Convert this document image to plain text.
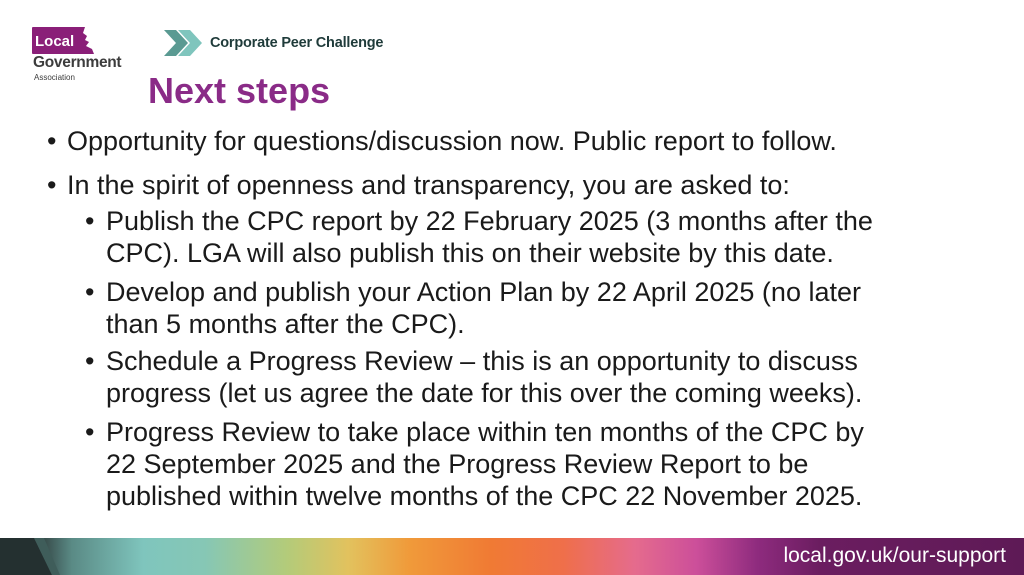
Local
Government
Association
Corporate Peer Challenge
Next steps
• Opportunity for questions/discussion now. Public report to follow.
• In the spirit of openness and transparency, you are asked to:
• Publish the CPC report by 22 February 2025 (3 months after the
CPC). LGA will also publish this on their website by this date.
• Develop and publish your Action Plan by 22 April 2025 (no later
than 5 months after the CPC).
• Schedule a Progress Review – this is an opportunity to discuss
progress (let us agree the date for this over the coming weeks).
• Progress Review to take place within ten months of the CPC by
22 September 2025 and the Progress Review Report to be
published within twelve months of the CPC 22 November 2025.
local.gov.uk/our-support
